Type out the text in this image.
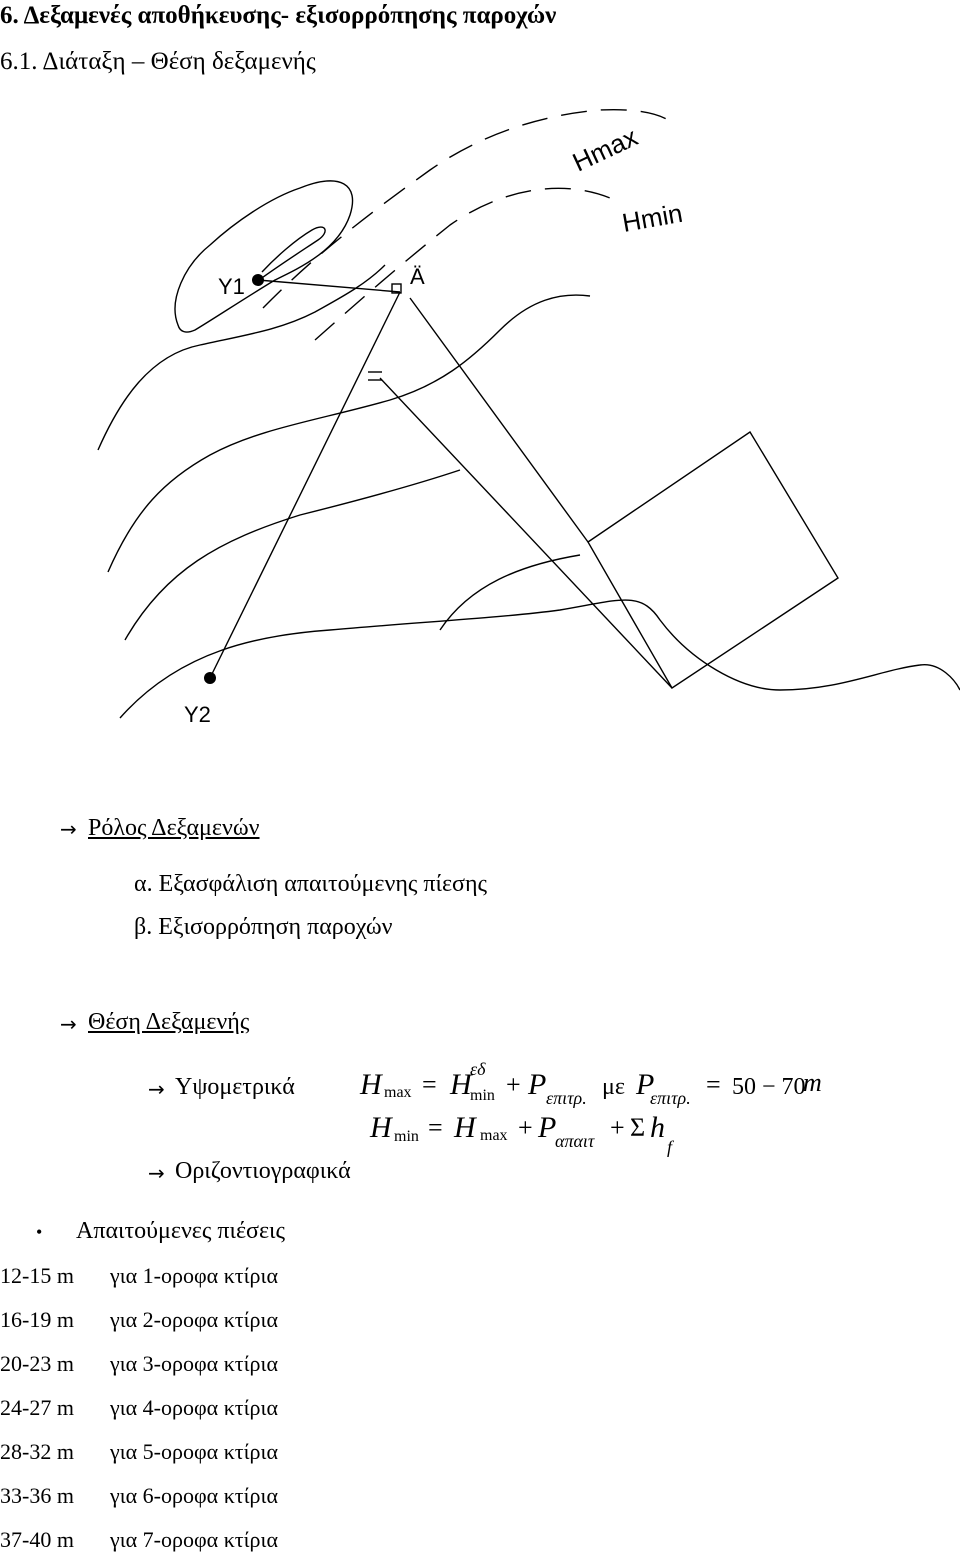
6. Δεξαμενές αποθήκευσης- εξισορρόπησης παροχών
6.1. Διάταξη – Θέση δεξαμενής
Hmax
Hmin
Y1	Ä
Y2
→ Ρόλος Δεξαμενών
α. Εξασφάλιση απαιτούμενης πίεσης
β. Εξισορρόπηση παροχών
→ Θέση Δεξαμενής
→ Υψομετρικά
→ Οριζοντιογραφικά
H max = H
εδ
min + P επιτρ. με P
επιτρ. = 50 − 70
m
H min = H max + P
απαιτ + Σ h
f
• Απαιτούμενες πιέσεις
12-15 m για 1-οροφα κτίρια
16-19 m για 2-οροφα κτίρια
20-23 m για 3-οροφα κτίρια
24-27 m για 4-οροφα κτίρια
28-32 m για 5-οροφα κτίρια
33-36 m για 6-οροφα κτίρια
37-40 m για 7-οροφα κτίρια
